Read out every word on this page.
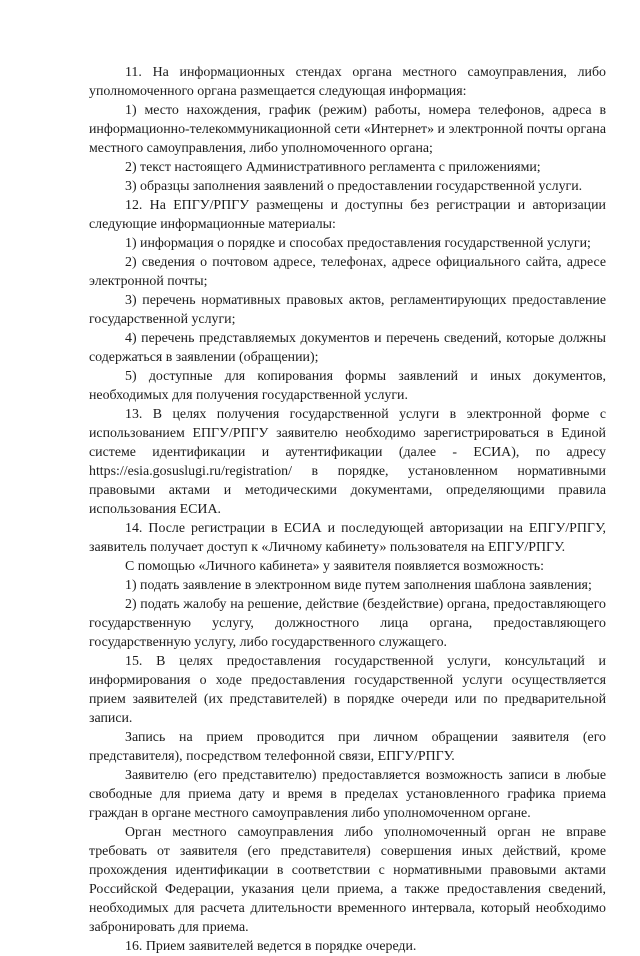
11. На информационных стендах органа местного самоуправления, либо уполномоченного органа размещается следующая информация:

1) место нахождения, график (режим) работы, номера телефонов, адреса в информационно-телекоммуникационной сети «Интернет» и электронной почты органа местного самоуправления, либо уполномоченного органа;

2) текст настоящего Административного регламента с приложениями;

3) образцы заполнения заявлений о предоставлении государственной услуги.

12. На ЕПГУ/РПГУ размещены и доступны без регистрации и авторизации следующие информационные материалы:

1) информация о порядке и способах предоставления государственной услуги;

2) сведения о почтовом адресе, телефонах, адресе официального сайта, адресе электронной почты;

3) перечень нормативных правовых актов, регламентирующих предоставление государственной услуги;

4) перечень представляемых документов и перечень сведений, которые должны содержаться в заявлении (обращении);

5) доступные для копирования формы заявлений и иных документов, необходимых для получения государственной услуги.

13. В целях получения государственной услуги в электронной форме с использованием ЕПГУ/РПГУ заявителю необходимо зарегистрироваться в Единой системе идентификации и аутентификации (далее - ЕСИА), по адресу https://esia.gosuslugi.ru/registration/ в порядке, установленном нормативными правовыми актами и методическими документами, определяющими правила использования ЕСИА.

14. После регистрации в ЕСИА и последующей авторизации на ЕПГУ/РПГУ, заявитель получает доступ к «Личному кабинету» пользователя на ЕПГУ/РПГУ.

С помощью «Личного кабинета» у заявителя появляется возможность:

1) подать заявление в электронном виде путем заполнения шаблона заявления;

2) подать жалобу на решение, действие (бездействие) органа, предоставляющего государственную услугу, должностного лица органа, предоставляющего государственную услугу, либо государственного служащего.

15. В целях предоставления государственной услуги, консультаций и информирования о ходе предоставления государственной услуги осуществляется прием заявителей (их представителей) в порядке очереди или по предварительной записи.

Запись на прием проводится при личном обращении заявителя (его представителя), посредством телефонной связи, ЕПГУ/РПГУ.

Заявителю (его представителю) предоставляется возможность записи в любые свободные для приема дату и время в пределах установленного графика приема граждан в органе местного самоуправления либо уполномоченном органе.

Орган местного самоуправления либо уполномоченный орган не вправе требовать от заявителя (его представителя) совершения иных действий, кроме прохождения идентификации в соответствии с нормативными правовыми актами Российской Федерации, указания цели приема, а также предоставления сведений, необходимых для расчета длительности временного интервала, который необходимо забронировать для приема.

16. Прием заявителей ведется в порядке очереди.
